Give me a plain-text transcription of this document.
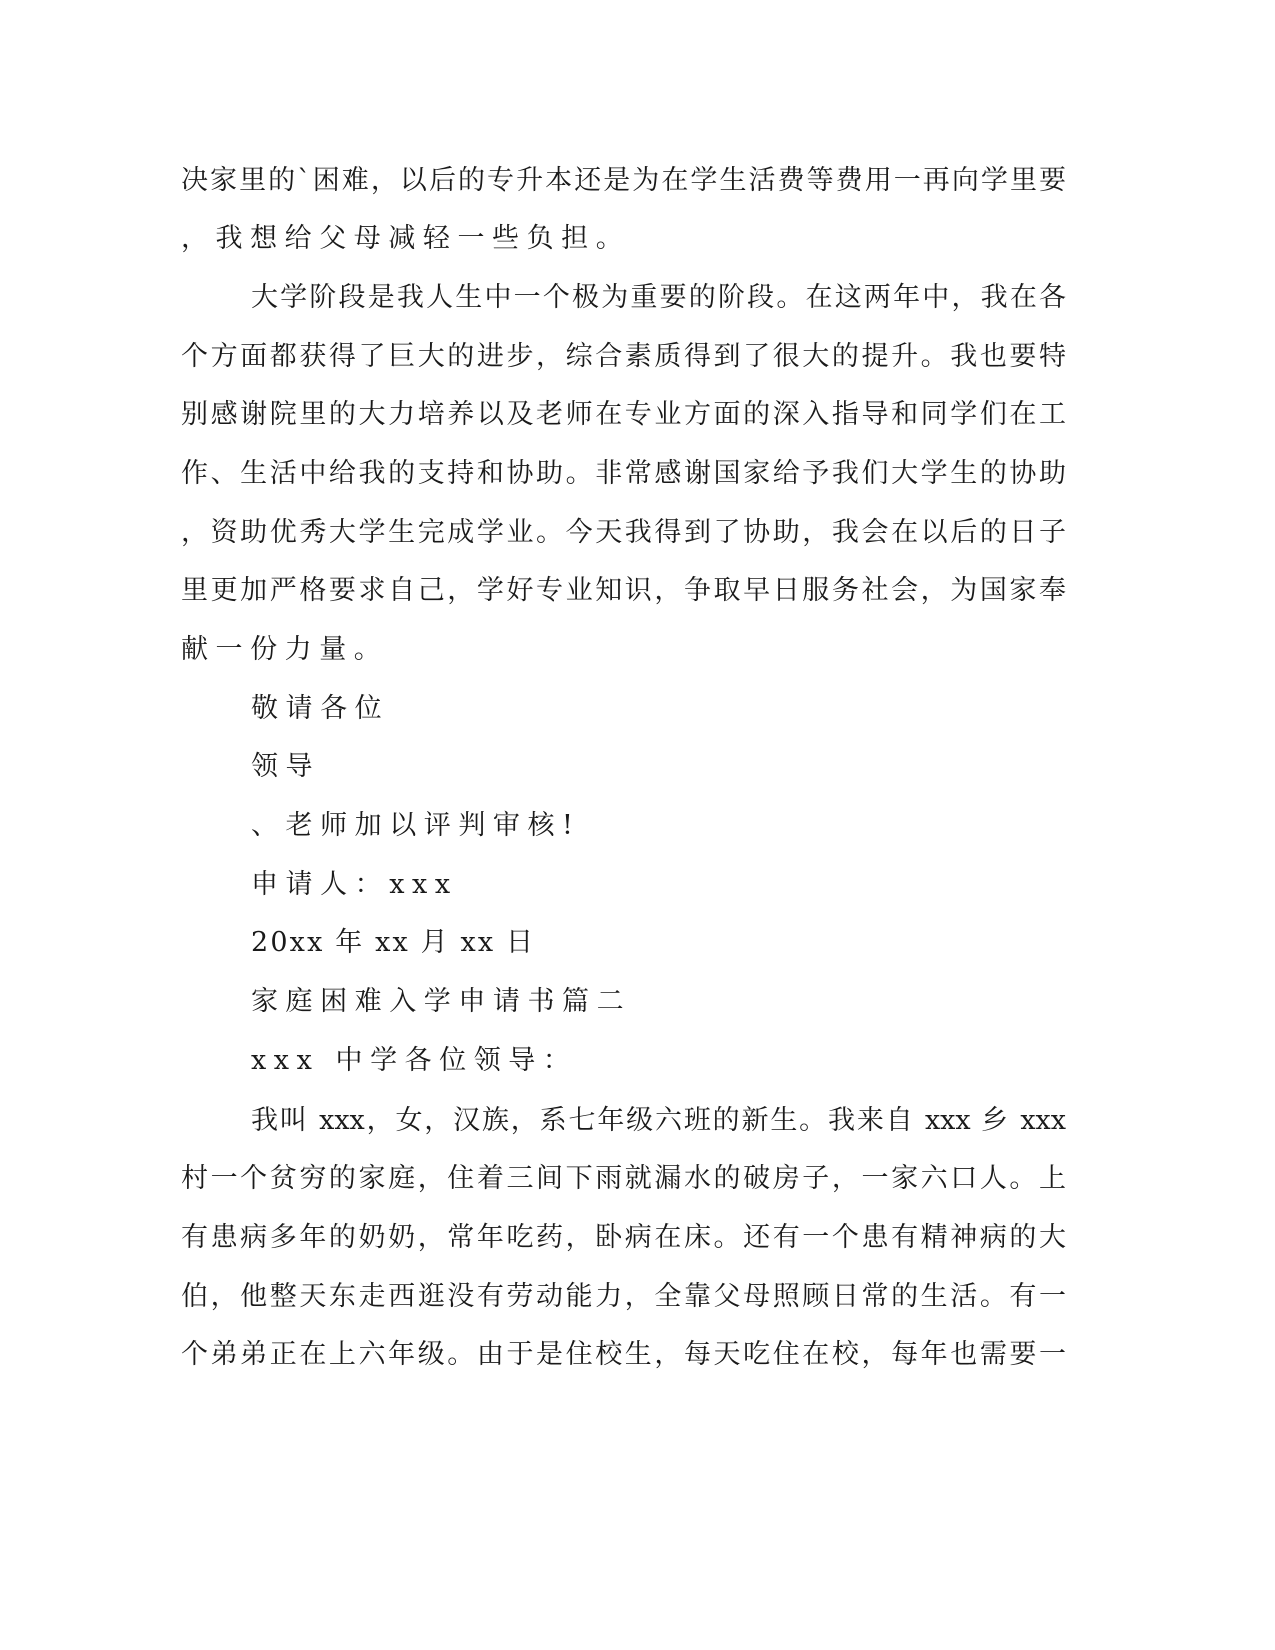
决家里的`困难，以后的专升本还是为在学生活费等费用一再向学里要
，我想给父母减轻一些负担。
大学阶段是我人生中一个极为重要的阶段。在这两年中，我在各
个方面都获得了巨大的进步，综合素质得到了很大的提升。我也要特
别感谢院里的大力培养以及老师在专业方面的深入指导和同学们在工
作、生活中给我的支持和协助。非常感谢国家给予我们大学生的协助
，资助优秀大学生完成学业。今天我得到了协助，我会在以后的日子
里更加严格要求自己，学好专业知识，争取早日服务社会，为国家奉
献一份力量。
敬请各位
领导
、老师加以评判审核!
申请人：xxx
20xx 年 xx 月 xx 日
家庭困难入学申请书篇二
xxx 中学各位领导：
我叫 xxx，女，汉族，系七年级六班的新生。我来自 xxx 乡 xxx
村一个贫穷的家庭，住着三间下雨就漏水的破房子，一家六口人。上
有患病多年的奶奶，常年吃药，卧病在床。还有一个患有精神病的大
伯，他整天东走西逛没有劳动能力，全靠父母照顾日常的生活。有一
个弟弟正在上六年级。由于是住校生，每天吃住在校，每年也需要一
